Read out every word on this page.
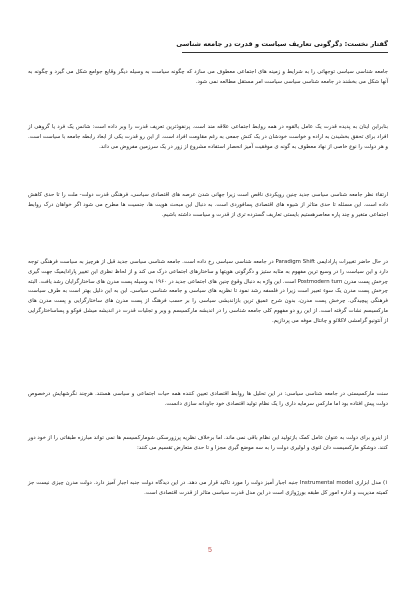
گفتار نخست: دگرگونی تعاریف سیاست و قدرت در جامعه شناسی

جامعه شناسی سیاسی توجهاتی را به شرایط و زمینه های اجتماعی معطوف می سازد که چگونه سیاست به وسیله دیگر وقایع جوامع شکل می گیرد و چگونه به آنها شکل می بخشند در جامعه شناسی سیاسی سیاست امر مستقل مطالعه نمی شود.

بنابراین اینان به پدیده قدرت یک عامل بالقوه در همه روابط اجتماعی علاقه مند است. پرنفوذترین تعریف قدرت را وبر داده است: شانس یک فرد یا گروهی از افراد برای تحقق بخشیدن به اراده و خواست خودشان در یک کنش جمعی به رغم مقاومت افراد است. از این رو قدرت یکی از ابعاد رابطه جامعه با سیاست است. و هر دولت را نوع خاصی از نهاد معطوف به گونه ی موفقیت آمیز انحصار استفاده مشروع از زور در یک سرزمین مفروض می داند.

ارتقاء نظر جامعه شناسی سیاسی جدید چنین رویکردی ناقص است زیرا جهانی شدن عرصه های اقتصادی سیاسی، فرهنگی قدرت دولت- ملت را تا حدی کاهش داده است. این مسئله تا حدی متاثر از شیوه های اقتصادی پسافوردی است. به دنبال این مبحث هویت ها، جنسیت ها مطرح می شود اگر خواهان درک روابط اجتماعی متغیر و چند پاره معاصرهستیم بایستی تعاریف گسترده تری از قدرت و سیاست داشته باشیم.

در حال حاضر تغییرات پارادایمی Paradigm Shift در جامعه شناسی سیاسی رخ داده است. جامعه شناسی سیاسی جدید قبل از هرچیز به سیاست فرهنگی توجه دارد و این سیاست را در وسیع ترین مفهوم به مثابه ستیز و دگرگونی هویتها و ساختارهای اجتماعی درک می کند و از لحاظ نظری این تغییر پارادایمیک جهت گیری چرخش پست مدرن Postmodern turn است. این واژه به دنبال وقوع چنین های اجتماعی جدید در ۱۹۶۰ به وسیله پست مدرن های ساختارگرایان رشد یافت. البته چرخش پست مدرن یک سوء تعبیر است زیرا در فلسفه رشد نمود تا نظریه های سیاسی و جامعه شناسی سیاسی. این به این دلیل بهتر است به طرف سیاست فرهنگی پیچیدگی. چرخش پست مدرن، بدون شرح عمیق ترین بازاندیشی سیاسی را بر حسب فرهنگ از پست مدرن های ساختارگرایی و پست مدرن های مارکسیسم نشات گرفته است. از این رو دو مفهوم کلی جامعه شناسی را در اندیشه مارکسیسم و وبر و تجلیات قدرت در اندیشه میشل فوکو و پساساختارگرایی از آنتونیو گرامشی لاکلائو و چانتال موفه می پردازیم.

سنت مارکسیستی در جامعه شناسی سیاسی: در این تحلیل ها روابط اقتصادی تعیین کننده همه حیات اجتماعی و سیاسی هستند. هرچند نگرشهایش درخصوص دولت پیش افتاده بود اما مارکس سرمایه داری را یک نظام تولید اقتصادی خود جاودانه سازی دانست.

از اینرو برای دولت به عنوان عامل کمک بازتولید این نظام باقی نمی ماند. اما برخلاف نظریه پرزورسکی شومارکسیسم ها نمی تواند مبارزه طبقاتی را از خود دور کنند. دوشکو مارکسیست دان لنوی و لولیری دولت را به سه موضع گیری مجزا و تا حدی متعارض تقسیم می کنند:

۱) مدل ابزاری Instrumental model جنبه اجبار آمیز دولت را مورد تاکید قرار می دهد. در این دیدگاه دولت جنبه اجبار آمیز دارد. دولت مدرن چیزی نیست جز کمیته مدیریت و اداره امور کل طبقه بورژوازی است در این مدل قدرت سیاسی متاثر از قدرت اقتصادی است.

5
